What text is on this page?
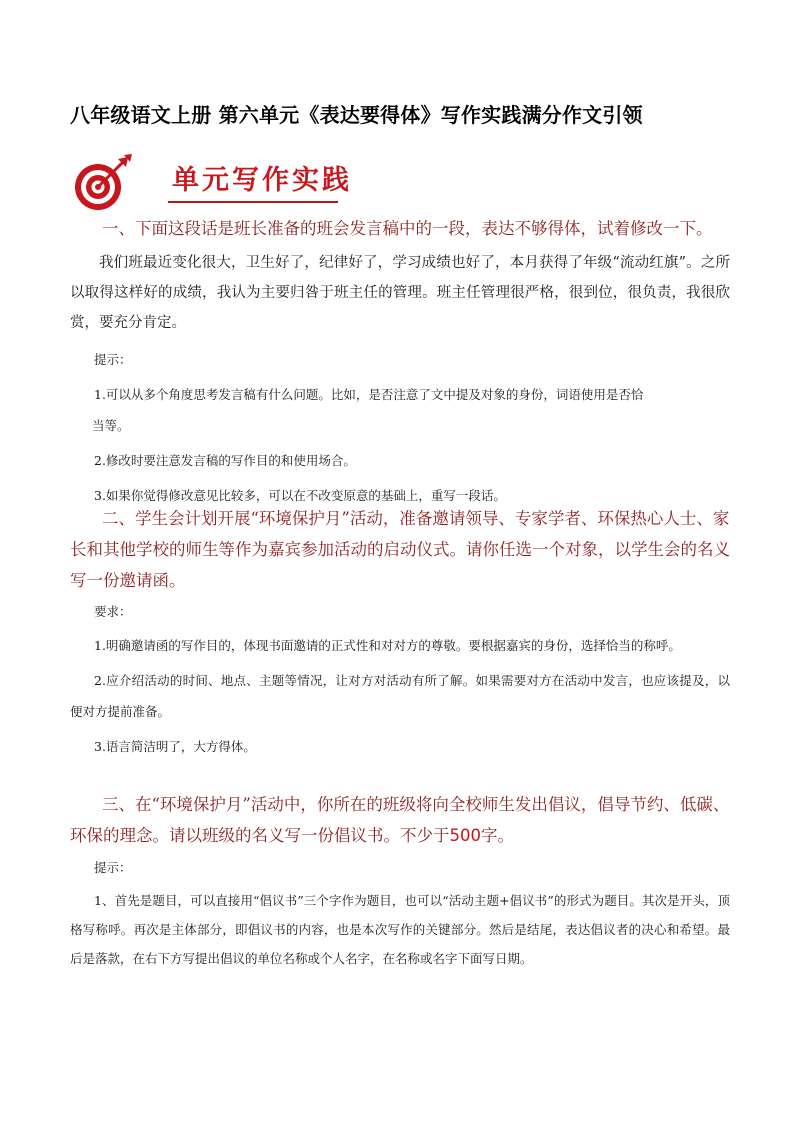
八年级语文上册 第六单元《表达要得体》写作实践满分作文引领
单元写作实践

一、下面这段话是班长准备的班会发言稿中的一段，表达不够得体，试着修改一下。

我们班最近变化很大，卫生好了，纪律好了，学习成绩也好了，本月获得了年级“流动红旗”。之所以取得这样好的成绩，我认为主要归咎于班主任的管理。班主任管理很严格，很到位，很负责，我很欣赏，要充分肯定。

提示：

1.可以从多个角度思考发言稿有什么问题。比如，是否注意了文中提及对象的身份，词语使用是否恰

当等。

2.修改时要注意发言稿的写作目的和使用场合。

3.如果你觉得修改意见比较多，可以在不改变原意的基础上，重写一段话。

二、学生会计划开展“环境保护月”活动，准备邀请领导、专家学者、环保热心人士、家长和其他学校的师生等作为嘉宾参加活动的启动仪式。请你任选一个对象，以学生会的名义写一份邀请函。

要求：

1.明确邀请函的写作目的，体现书面邀请的正式性和对对方的尊敬。要根据嘉宾的身份，选择恰当的称呼。

2.应介绍活动的时间、地点、主题等情况，让对方对活动有所了解。如果需要对方在活动中发言，也应该提及，以便对方提前准备。

3.语言简洁明了，大方得体。

三、在“环境保护月”活动中，你所在的班级将向全校师生发出倡议，倡导节约、低碳、环保的理念。请以班级的名义写一份倡议书。不少于500字。

提示：

1、首先是题目，可以直接用“倡议书”三个字作为题目，也可以“活动主题+倡议书”的形式为题目。其次是开头，顶格写称呼。再次是主体部分，即倡议书的内容，也是本次写作的关键部分。然后是结尾，表达倡议者的决心和希望。最后是落款，在右下方写提出倡议的单位名称或个人名字，在名称或名字下面写日期。
